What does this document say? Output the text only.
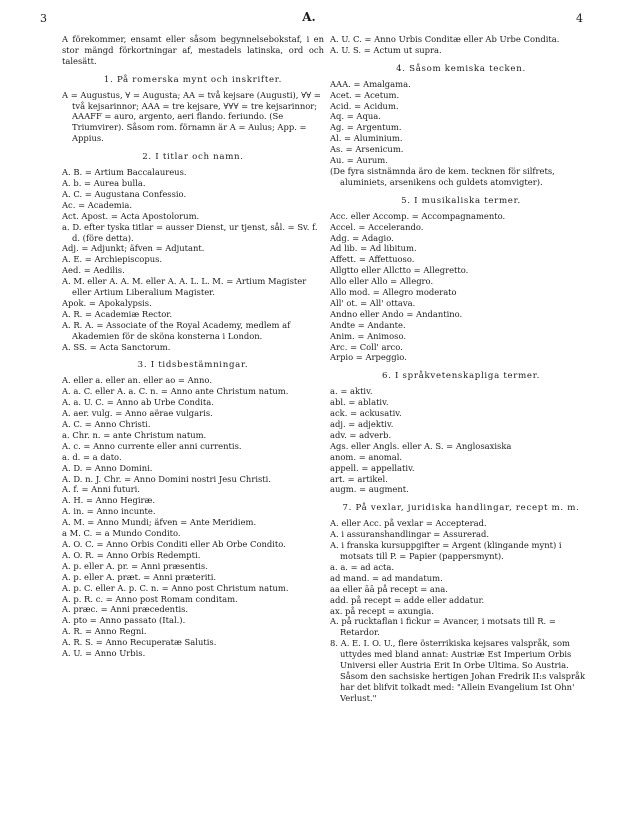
3	A.	4
A förekommer, ensamt eller såsom begynnelsebokstaf, i en stor mängd förkortningar af, mestadels latinska, ord och talesätt.
1. På romerska mynt och inskrifter.
A = Augustus, ∀ = Augusta; AA = två kejsare (Augusti), ∀∀ = två kejsarinnor; AAA = tre kejsare, ∀∀∀ = tre kejsarinnor; AAAFF = auro, argento, aeri flando. feriundo. (Se Triumvirer). Såsom rom. förnamn är A = Aulus; App. = Appius.
2. I titlar och namn.
A. B. = Artium Baccalaureus.
A. b. = Aurea bulla.
A. C. = Augustana Confessio.
Ac. = Academia.
Act. Apost. = Acta Apostolorum.
a. D. efter tyska titlar = ausser Dienst, ur tjenst, sål. = Sv. f. d. (före detta).
Adj. = Adjunkt; äfven = Adjutant.
A. E. = Archiepiscopus.
Aed. = Aedilis.
A. M. eller A. A. M. eller A. A. L. L. M. = Artium Magister eller Artium Liberalium Magister.
Apok. = Apokalypsis.
A. R. = Academiæ Rector.
A. R. A. = Associate of the Royal Academy, medlem af Akademien för de sköna konsterna i London.
A. SS. = Acta Sanctorum.
3. I tidsbestämningar.
A. eller a. eller an. eller ao = Anno.
A. a. C. eller A. a. C. n. = Anno ante Christum natum.
A. a. U. C. = Anno ab Urbe Condita.
A. aer. vulg. = Anno aërae vulgaris.
A. C. = Anno Christi.
a. Chr. n. = ante Christum natum.
A. c. = Anno currente eller anni currentis.
a. d. = a dato.
A. D. = Anno Domini.
A. D. n. J. Chr. = Anno Domini nostri Jesu Christi.
A. f. = Anni futuri.
A. H. = Anno Hegiræ.
A. in. = Anno incunte.
A. M. = Anno Mundi; äfven = Ante Meridiem.
a M. C. = a Mundo Condito.
A. O. C. = Anno Orbis Conditi eller Ab Orbe Condito.
A. O. R. = Anno Orbis Redempti.
A. p. eller A. pr. = Anni præsentis.
A. p. eller A. præt. = Anni præteriti.
A. p. C. eller A. p. C. n. = Anno post Christum natum.
A. p. R. c. = Anno post Romam conditam.
A. præc. = Anni præcedentis.
A. pto = Anno passato (Ital.).
A. R. = Anno Regni.
A. R. S. = Anno Recuperatæ Salutis.
A. U. = Anno Urbis.
A. U. C. = Anno Urbis Conditæ eller Ab Urbe Condita.
A. U. S. = Actum ut supra.
4. Såsom kemiska tecken.
AAA. = Amalgama.
Acet. = Acetum.
Acid. = Acidum.
Aq. = Aqua.
Ag. = Argentum.
Al. = Aluminium.
As. = Arsenicum.
Au. = Aurum.
(De fyra sistnämnda äro de kem. tecknen för silfrets, aluminiets, arsenikens och guldets atomvigter).
5. I musikaliska termer.
Acc. eller Accomp. = Accompagnamento.
Accel. = Accelerando.
Adg. = Adagio.
Ad lib. = Ad libitum.
Affett. = Affettuoso.
Allgtto eller Allctto = Allegretto.
Allo eller Allo = Allegro.
Allo mod. = Allegro moderato
All' ot. = All' ottava.
Andno eller Ando = Andantino.
Andte = Andante.
Anim. = Animoso.
Arc. = Coll' arco.
Arpio = Arpeggio.
6. I språkvetenskapliga termer.
a. = aktiv.
abl. = ablativ.
ack. = ackusativ.
adj. = adjektiv.
adv. = adverb.
Ags. eller Angls. eller A. S. = Anglosaxiska
anom. = anomal.
appell. = appellativ.
art. = artikel.
augm. = augment.
7. På vexlar, juridiska handlingar, recept m. m.
A. eller Acc. på vexlar = Accepterad.
A. i assuranshandlingar = Assurerad.
A. i franska kursuppgifter = Argent (klingande mynt) i motsats till P. = Papier (pappersmynt).
a. a. = ad acta.
ad mand. = ad mandatum.
aa eller āā på recept = ana.
add. på recept = adde eller addatur.
ax. på recept = axungia.
A. på rucktaflan i fickur = Avancer, i motsats till R. = Retardor.
8. A. E. I. O. U., flere österrikiska kejsares valspråk, som uttydes med bland annat: Austriæ Est Imperium Orbis Universi eller Austria Erit In Orbe Ultima. So Austria. Såsom den sachsiske hertigen Johan Fredrik II:s valspråk har det blifvit tolkadt med: "Allein Evangelium Ist Ohn' Verlust."
